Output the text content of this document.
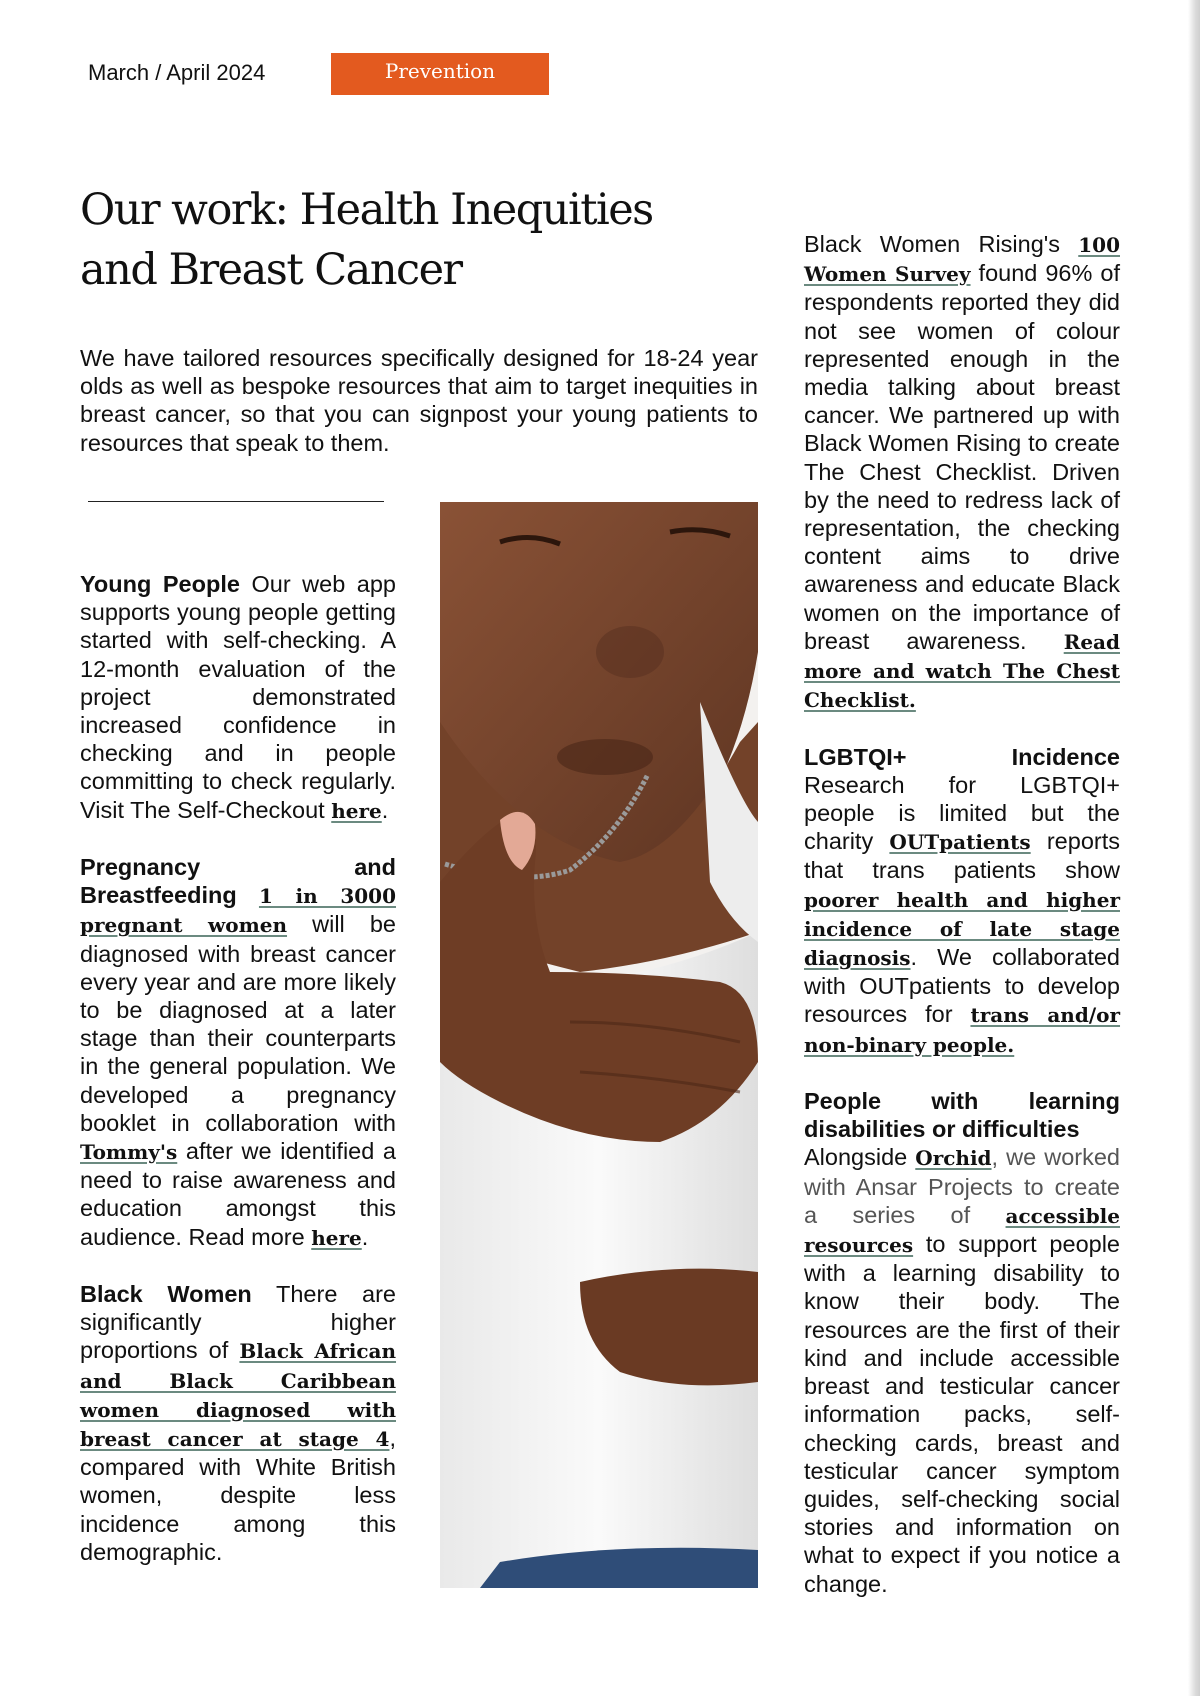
March / April 2024	Prevention
Our work: Health Inequities
and Breast Cancer

We have tailored resources specifically designed for 18-24 year olds as well as bespoke resources that aim to target inequities in breast cancer, so that you can signpost your young patients to resources that speak to them.

Young People Our web app supports young people getting started with self-checking. A 12-month evaluation of the project demonstrated increased confidence in checking and in people committing to check regularly. Visit The Self-Checkout here.

Pregnancy and Breastfeeding 1 in 3000 pregnant women will be diagnosed with breast cancer every year and are more likely to be diagnosed at a later stage than their counterparts in the general population. We developed a pregnancy booklet in collaboration with Tommy's after we identified a need to raise awareness and education amongst this audience. Read more here.

Black Women There are significantly higher proportions of Black African and Black Caribbean women diagnosed with breast cancer at stage 4, compared with White British women, despite less incidence among this demographic.

Black Women Rising's 100 Women Survey found 96% of respondents reported they did not see women of colour represented enough in the media talking about breast cancer. We partnered up with Black Women Rising to create The Chest Checklist. Driven by the need to redress lack of representation, the checking content aims to drive awareness and educate Black women on the importance of breast awareness. Read more and watch The Chest Checklist.

LGBTQI+ Incidence Research for LGBTQI+ people is limited but the charity OUTpatients reports that trans patients show poorer health and higher incidence of late stage diagnosis. We collaborated with OUTpatients to develop resources for trans and/or non-binary people.

People with learning disabilities or difficulties
Alongside Orchid, we worked with Ansar Projects to create a series of accessible resources to support people with a learning disability to know their body. The resources are the first of their kind and include accessible breast and testicular cancer information packs, self-checking cards, breast and testicular cancer symptom guides, self-checking social stories and information on what to expect if you notice a change.
